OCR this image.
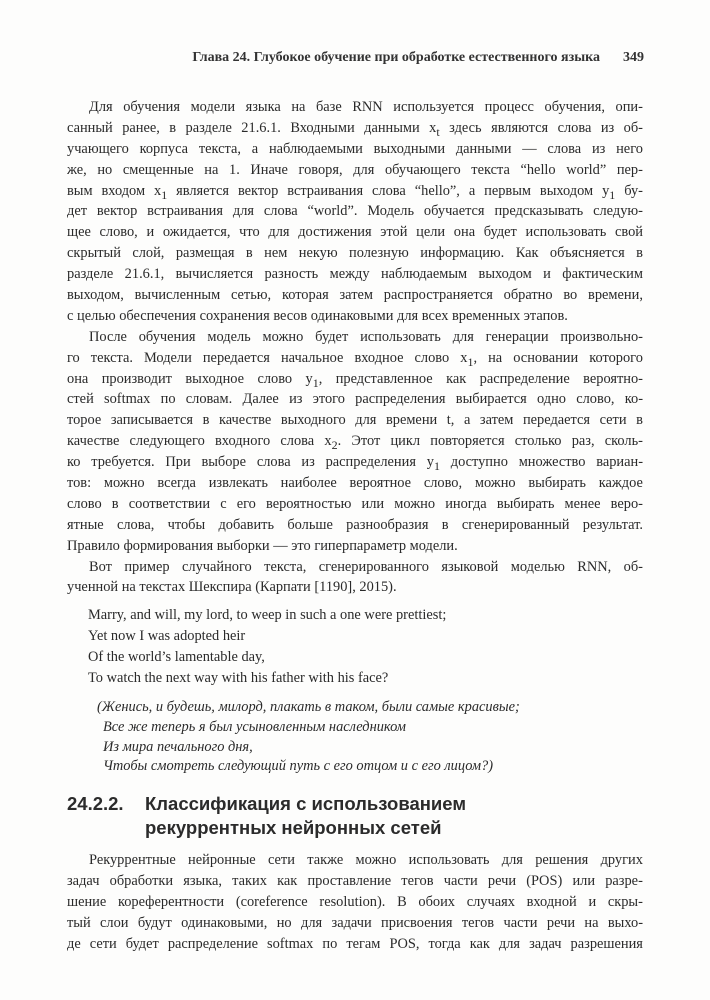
Глава 24. Глубокое обучение при обработке естественного языка 349
Для обучения модели языка на базе RNN используется процесс обучения, опи-
санный ранее, в разделе 21.6.1. Входными данными $x_t$ здесь являются слова из об-
учающего корпуса текста, а наблюдаемыми выходными данными — слова из него
же, но смещенные на 1. Иначе говоря, для обучающего текста “hello world” пер-
вым входом $x_1$ является вектор встраивания слова “hello”, а первым выходом $y_1$ бу-
дет вектор встраивания для слова “world”. Модель обучается предсказывать следую-
щее слово, и ожидается, что для достижения этой цели она будет использовать свой
скрытый слой, размещая в нем некую полезную информацию. Как объясняется в
разделе 21.6.1, вычисляется разность между наблюдаемым выходом и фактическим
выходом, вычисленным сетью, которая затем распространяется обратно во времени,
с целью обеспечения сохранения весов одинаковыми для всех временных этапов.
После обучения модель можно будет использовать для генерации произвольно-
го текста. Модели передается начальное входное слово $x_1$, на основании которого
она производит выходное слово $y_1$, представленное как распределение вероятно-
стей softmax по словам. Далее из этого распределения выбирается одно слово, ко-
торое записывается в качестве выходного для времени t, а затем передается сети в
качестве следующего входного слова $x_2$. Этот цикл повторяется столько раз, сколь-
ко требуется. При выборе слова из распределения $y_1$ доступно множество вариан-
тов: можно всегда извлекать наиболее вероятное слово, можно выбирать каждое
слово в соответствии с его вероятностью или можно иногда выбирать менее веро-
ятные слова, чтобы добавить больше разнообразия в сгенерированный результат.
Правило формирования выборки — это гиперпараметр модели.
Вот пример случайного текста, сгенерированного языковой моделью RNN, об-
ученной на текстах Шекспира (Карпати [1190], 2015).
Marry, and will, my lord, to weep in such a one were prettiest;
Yet now I was adopted heir
Of the world’s lamentable day,
To watch the next way with his father with his face?
(Женись, и будешь, милорд, плакать в таком, были самые красивые;
Все же теперь я был усыновленным наследником
Из мира печального дня,
Чтобы смотреть следующий путь с его отцом и с его лицом?)
24.2.2. Классификация с использованием
рекуррентных нейронных сетей
Рекуррентные нейронные сети также можно использовать для решения других
задач обработки языка, таких как проставление тегов части речи (POS) или разре-
шение кореферентности (coreference resolution). В обоих случаях входной и скры-
тый слои будут одинаковыми, но для задачи присвоения тегов части речи на выхо-
де сети будет распределение softmax по тегам POS, тогда как для задач разрешения
